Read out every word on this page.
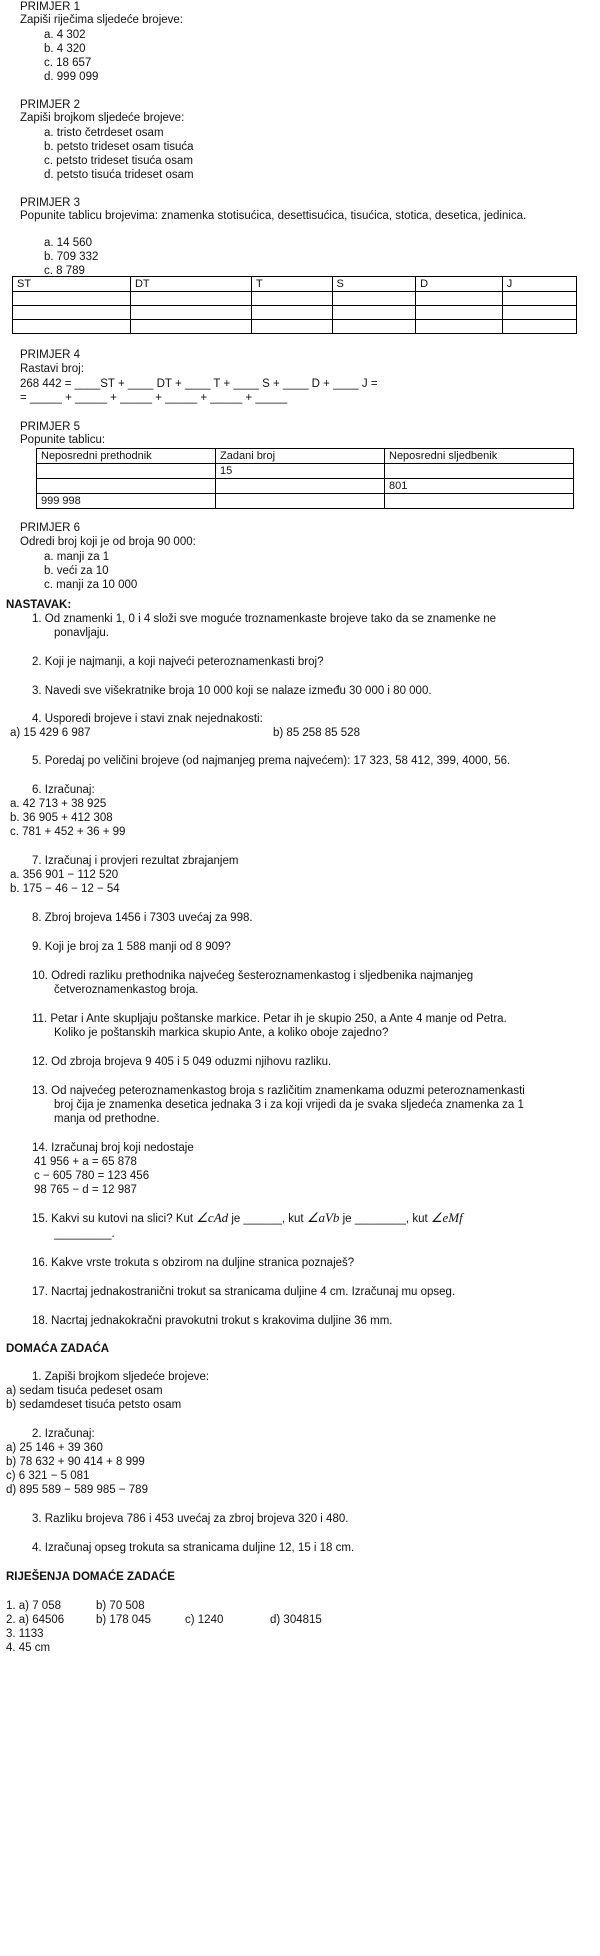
PRIMJER 1
Zapiši riječima sljedeće brojeve:
a. 4 302
b. 4 320
c. 18 657
d. 999 099
PRIMJER 2
Zapiši brojkom sljedeće brojeve:
a. tristo četrdeset osam
b. petsto trideset osam tisuća
c. petsto trideset tisuća osam
d. petsto tisuća trideset osam
PRIMJER 3
Popunite tablicu brojevima: znamenka stotisućica, desettisućica, tisućica, stotica, desetica, jedinica.
a. 14 560
b. 709 332
c. 8 789
ST	DT	T	S	D	J

PRIMJER 4
Rastavi broj:
268 442 = ____ST + ____ DT + ____ T + ____ S + ____ D + ____ J =
= _____ + _____ + _____ + _____ + _____ + _____
PRIMJER 5
Popunite tablicu:
Neposredni prethodnik	Zadani broj	Neposredni sljedbenik
	15	
		801
999 998		
PRIMJER 6
Odredi broj koji je od broja 90 000:
a. manji za 1
b. veći za 10
c. manji za 10 000
NASTAVAK:
1. Od znamenki 1, 0 i 4 složi sve moguće troznamenkaste brojeve tako da se znamenke ne
ponavljaju.
2. Koji je najmanji, a koji najveći peteroznamenkasti broj?
3. Navedi sve višekratnike broja 10 000 koji se nalaze između 30 000 i 80 000.
4. Usporedi brojeve i stavi znak nejednakosti:
a) 15 429 6 987	b) 85 258 85 528
5. Poredaj po veličini brojeve (od najmanjeg prema najvećem): 17 323, 58 412, 399, 4000, 56.
6. Izračunaj:
a. 42 713 + 38 925
b. 36 905 + 412 308
c. 781 + 452 + 36 + 99
7. Izračunaj i provjeri rezultat zbrajanjem
a. 356 901 − 112 520
b. 175 − 46 − 12 − 54
8. Zbroj brojeva 1456 i 7303 uvećaj za 998.
9. Koji je broj za 1 588 manji od 8 909?
10. Odredi razliku prethodnika najvećeg šesteroznamenkastog i sljedbenika najmanjeg
četveroznamenkastog broja.
11. Petar i Ante skupljaju poštanske markice. Petar ih je skupio 250, a Ante 4 manje od Petra.
Koliko je poštanskih markica skupio Ante, a koliko oboje zajedno?
12. Od zbroja brojeva 9 405 i 5 049 oduzmi njihovu razliku.
13. Od najvećeg peteroznamenkastog broja s različitim znamenkama oduzmi peteroznamenkasti
broj čija je znamenka desetica jednaka 3 i za koji vrijedi da je svaka sljedeća znamenka za 1
manja od prethodne.
14. Izračunaj broj koji nedostaje
41 956 + a = 65 878
c − 605 780 = 123 456
98 765 − d = 12 987
15. Kakvi su kutovi na slici? Kut ∠cAd je ______, kut ∠aVb je ________, kut ∠eMf
_________.
16. Kakve vrste trokuta s obzirom na duljine stranica poznaješ?
17. Nacrtaj jednakostranični trokut sa stranicama duljine 4 cm. Izračunaj mu opseg.
18. Nacrtaj jednakokračni pravokutni trokut s krakovima duljine 36 mm.
DOMAĆA ZADAĆA
1. Zapiši brojkom sljedeće brojeve:
a) sedam tisuća pedeset osam
b) sedamdeset tisuća petsto osam
2. Izračunaj:
a) 25 146 + 39 360
b) 78 632 + 90 414 + 8 999
c) 6 321 − 5 081
d) 895 589 − 589 985 − 789
3. Razliku brojeva 786 i 453 uvećaj za zbroj brojeva 320 i 480.
4. Izračunaj opseg trokuta sa stranicama duljine 12, 15 i 18 cm.
RIJEŠENJA DOMAĆE ZADAĆE
1. a) 7 058	b) 70 508
2. a) 64506	b) 178 045	c) 1240	d) 304815
3. 1133
4. 45 cm
